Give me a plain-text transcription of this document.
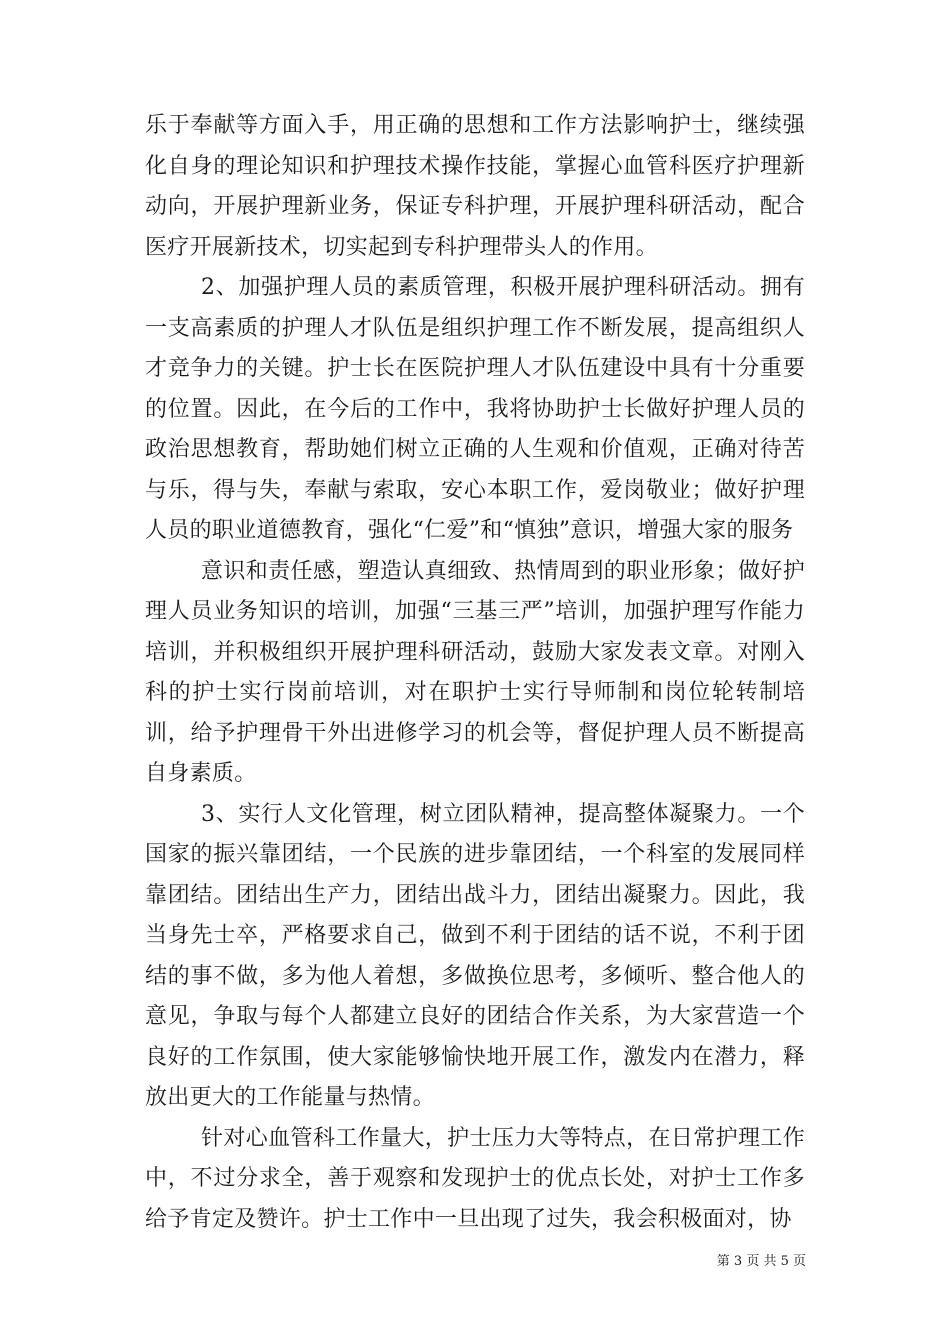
乐于奉献等方面入手，用正确的思想和工作方法影响护士，继续强化自身的理论知识和护理技术操作技能，掌握心血管科医疗护理新动向，开展护理新业务，保证专科护理，开展护理科研活动，配合医疗开展新技术，切实起到专科护理带头人的作用。

2、加强护理人员的素质管理，积极开展护理科研活动。拥有一支高素质的护理人才队伍是组织护理工作不断发展，提高组织人才竞争力的关键。护士长在医院护理人才队伍建设中具有十分重要的位置。因此，在今后的工作中，我将协助护士长做好护理人员的政治思想教育，帮助她们树立正确的人生观和价值观，正确对待苦与乐，得与失，奉献与索取，安心本职工作，爱岗敬业；做好护理人员的职业道德教育，强化“仁爱”和“慎独”意识，增强大家的服务

意识和责任感，塑造认真细致、热情周到的职业形象；做好护理人员业务知识的培训，加强“三基三严”培训，加强护理写作能力培训，并积极组织开展护理科研活动，鼓励大家发表文章。对刚入科的护士实行岗前培训，对在职护士实行导师制和岗位轮转制培训，给予护理骨干外出进修学习的机会等，督促护理人员不断提高自身素质。

3、实行人文化管理，树立团队精神，提高整体凝聚力。一个国家的振兴靠团结，一个民族的进步靠团结，一个科室的发展同样靠团结。团结出生产力，团结出战斗力，团结出凝聚力。因此，我当身先士卒，严格要求自己，做到不利于团结的话不说，不利于团结的事不做，多为他人着想，多做换位思考，多倾听、整合他人的意见，争取与每个人都建立良好的团结合作关系，为大家营造一个良好的工作氛围，使大家能够愉快地开展工作，激发内在潜力，释放出更大的工作能量与热情。

针对心血管科工作量大，护士压力大等特点，在日常护理工作中，不过分求全，善于观察和发现护士的优点长处，对护士工作多给予肯定及赞许。护士工作中一旦出现了过失，我会积极面对，协

第 3 页 共 5 页
